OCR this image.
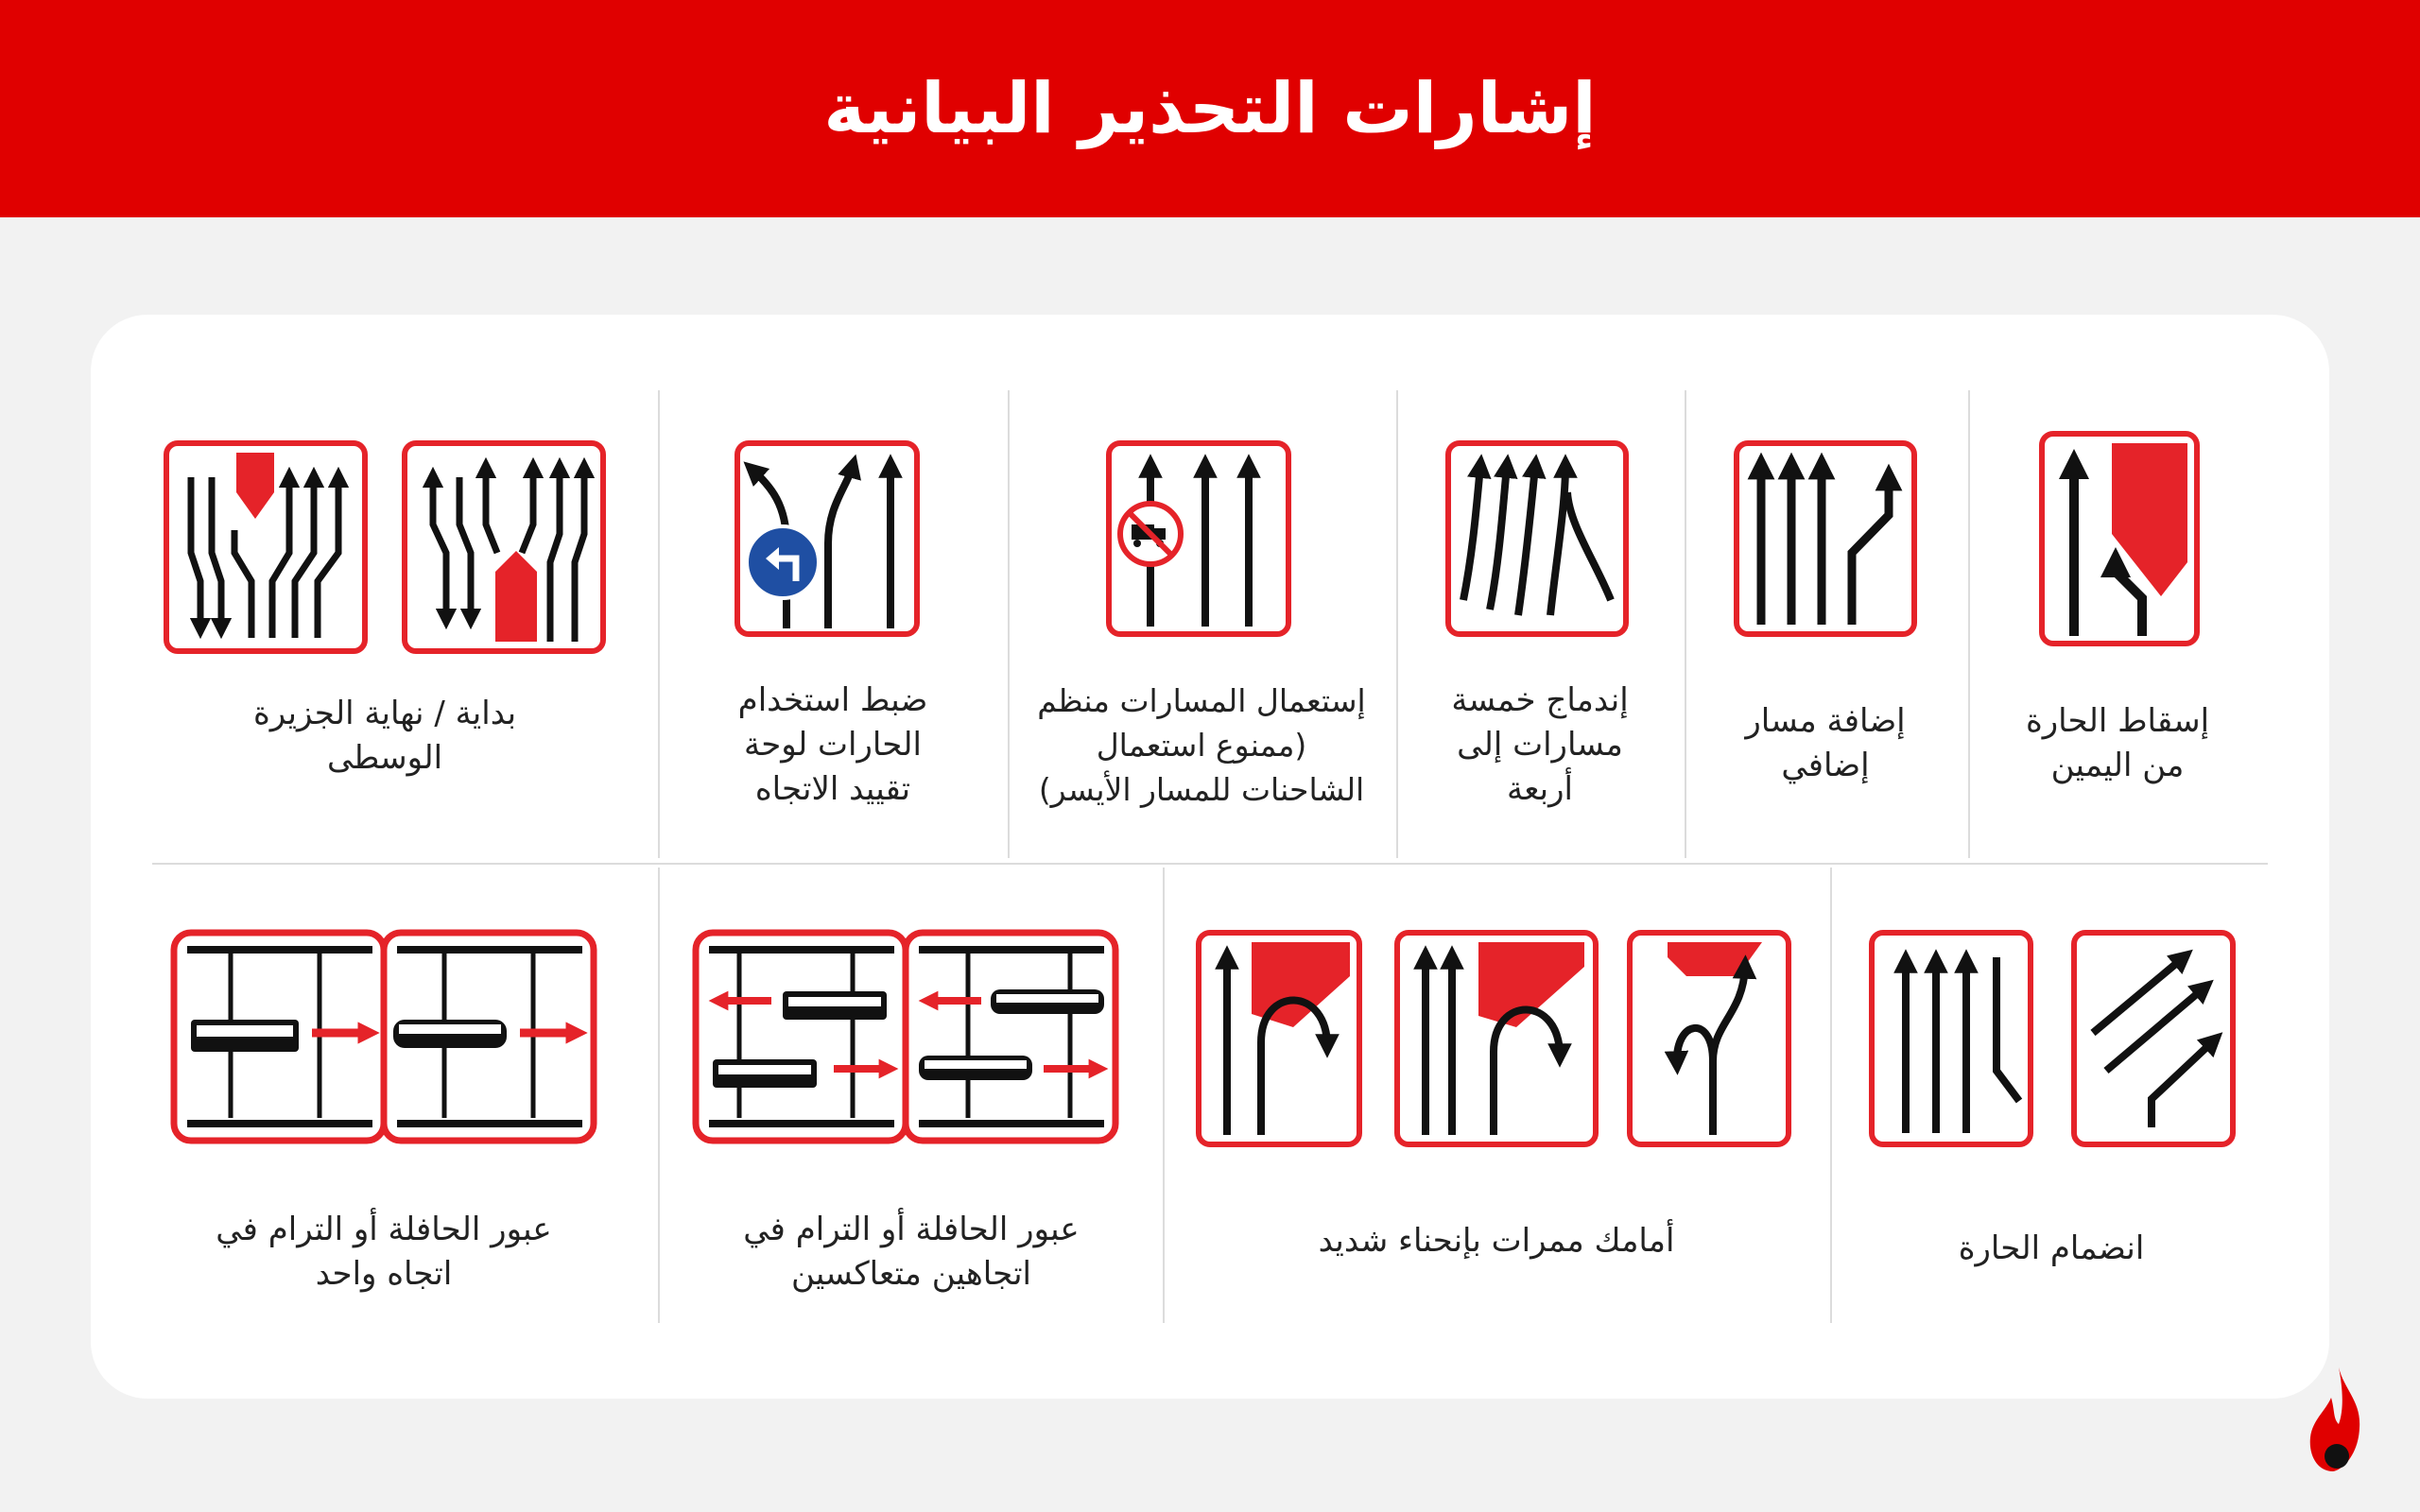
إشارات التحذير البيانية
إسقاط الحارة
من اليمين
إضافة مسار
إضافي
إندماج خمسة
مسارات إلى
أربعة
إستعمال المسارات منظم
(ممنوع استعمال
الشاحنات للمسار الأيسر)
ضبط استخدام
الحارات لوحة
تقييد الاتجاه
بداية / نهاية الجزيرة
الوسطى
انضمام الحارة
أمامك ممرات بإنحناء شديد
عبور الحافلة أو الترام في
اتجاهين متعاكسين
عبور الحافلة أو الترام في
اتجاه واحد
